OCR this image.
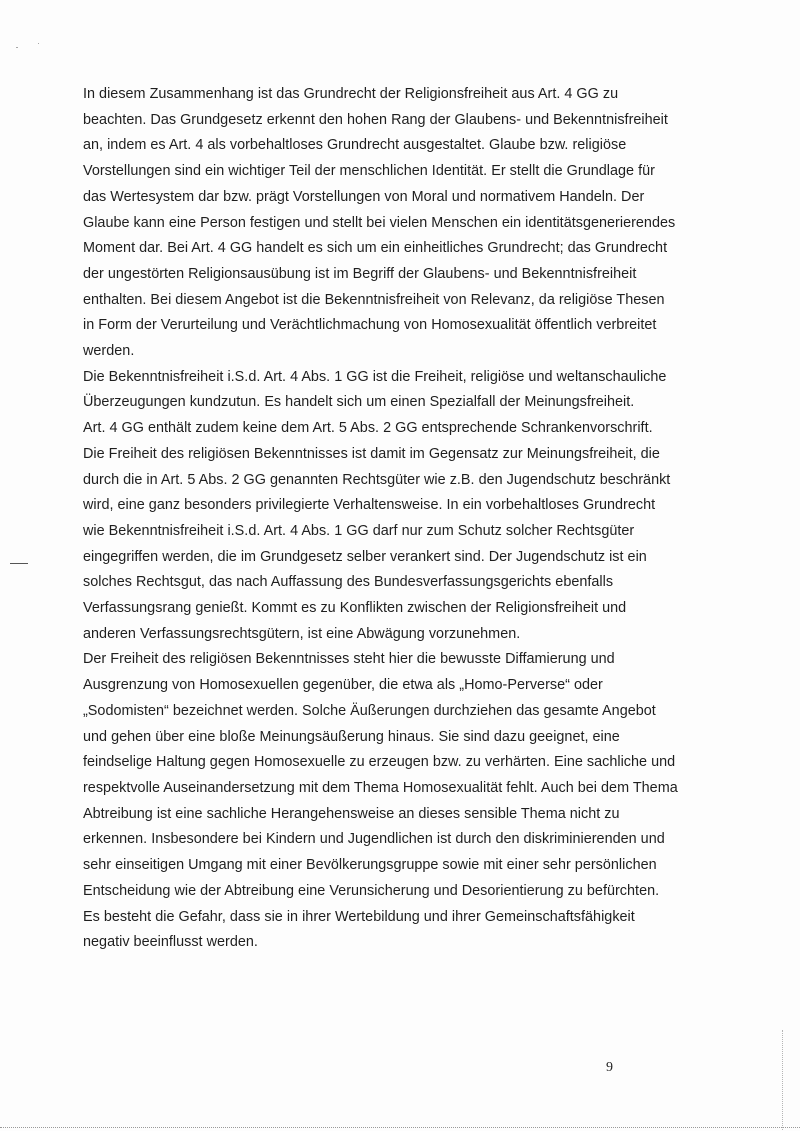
In diesem Zusammenhang ist das Grundrecht der Religionsfreiheit aus Art. 4 GG zu
beachten. Das Grundgesetz erkennt den hohen Rang der Glaubens- und Bekenntnisfreiheit
an, indem es Art. 4 als vorbehaltloses Grundrecht ausgestaltet. Glaube bzw. religiöse
Vorstellungen sind ein wichtiger Teil der menschlichen Identität. Er stellt die Grundlage für
das Wertesystem dar bzw. prägt Vorstellungen von Moral und normativem Handeln. Der
Glaube kann eine Person festigen und stellt bei vielen Menschen ein identitätsgenerierendes
Moment dar. Bei Art. 4 GG handelt es sich um ein einheitliches Grundrecht; das Grundrecht
der ungestörten Religionsausübung ist im Begriff der Glaubens- und Bekenntnisfreiheit
enthalten. Bei diesem Angebot ist die Bekenntnisfreiheit von Relevanz, da religiöse Thesen
in Form der Verurteilung und Verächtlichmachung von Homosexualität öffentlich verbreitet
werden.
Die Bekenntnisfreiheit i.S.d. Art. 4 Abs. 1 GG ist die Freiheit, religiöse und weltanschauliche
Überzeugungen kundzutun. Es handelt sich um einen Spezialfall der Meinungsfreiheit.
Art. 4 GG enthält zudem keine dem Art. 5 Abs. 2 GG entsprechende Schrankenvorschrift.
Die Freiheit des religiösen Bekenntnisses ist damit im Gegensatz zur Meinungsfreiheit, die
durch die in Art. 5 Abs. 2 GG genannten Rechtsgüter wie z.B. den Jugendschutz beschränkt
wird, eine ganz besonders privilegierte Verhaltensweise. In ein vorbehaltloses Grundrecht
wie Bekenntnisfreiheit i.S.d. Art. 4 Abs. 1 GG darf nur zum Schutz solcher Rechtsgüter
eingegriffen werden, die im Grundgesetz selber verankert sind. Der Jugendschutz ist ein
solches Rechtsgut, das nach Auffassung des Bundesverfassungsgerichts ebenfalls
Verfassungsrang genießt. Kommt es zu Konflikten zwischen der Religionsfreiheit und
anderen Verfassungsrechtsgütern, ist eine Abwägung vorzunehmen.
Der Freiheit des religiösen Bekenntnisses steht hier die bewusste Diffamierung und
Ausgrenzung von Homosexuellen gegenüber, die etwa als „Homo-Perverse“ oder
„Sodomisten“ bezeichnet werden. Solche Äußerungen durchziehen das gesamte Angebot
und gehen über eine bloße Meinungsäußerung hinaus. Sie sind dazu geeignet, eine
feindselige Haltung gegen Homosexuelle zu erzeugen bzw. zu verhärten. Eine sachliche und
respektvolle Auseinandersetzung mit dem Thema Homosexualität fehlt. Auch bei dem Thema
Abtreibung ist eine sachliche Herangehensweise an dieses sensible Thema nicht zu
erkennen. Insbesondere bei Kindern und Jugendlichen ist durch den diskriminierenden und
sehr einseitigen Umgang mit einer Bevölkerungsgruppe sowie mit einer sehr persönlichen
Entscheidung wie der Abtreibung eine Verunsicherung und Desorientierung zu befürchten.
Es besteht die Gefahr, dass sie in ihrer Wertebildung und ihrer Gemeinschaftsfähigkeit
negativ beeinflusst werden.
9
